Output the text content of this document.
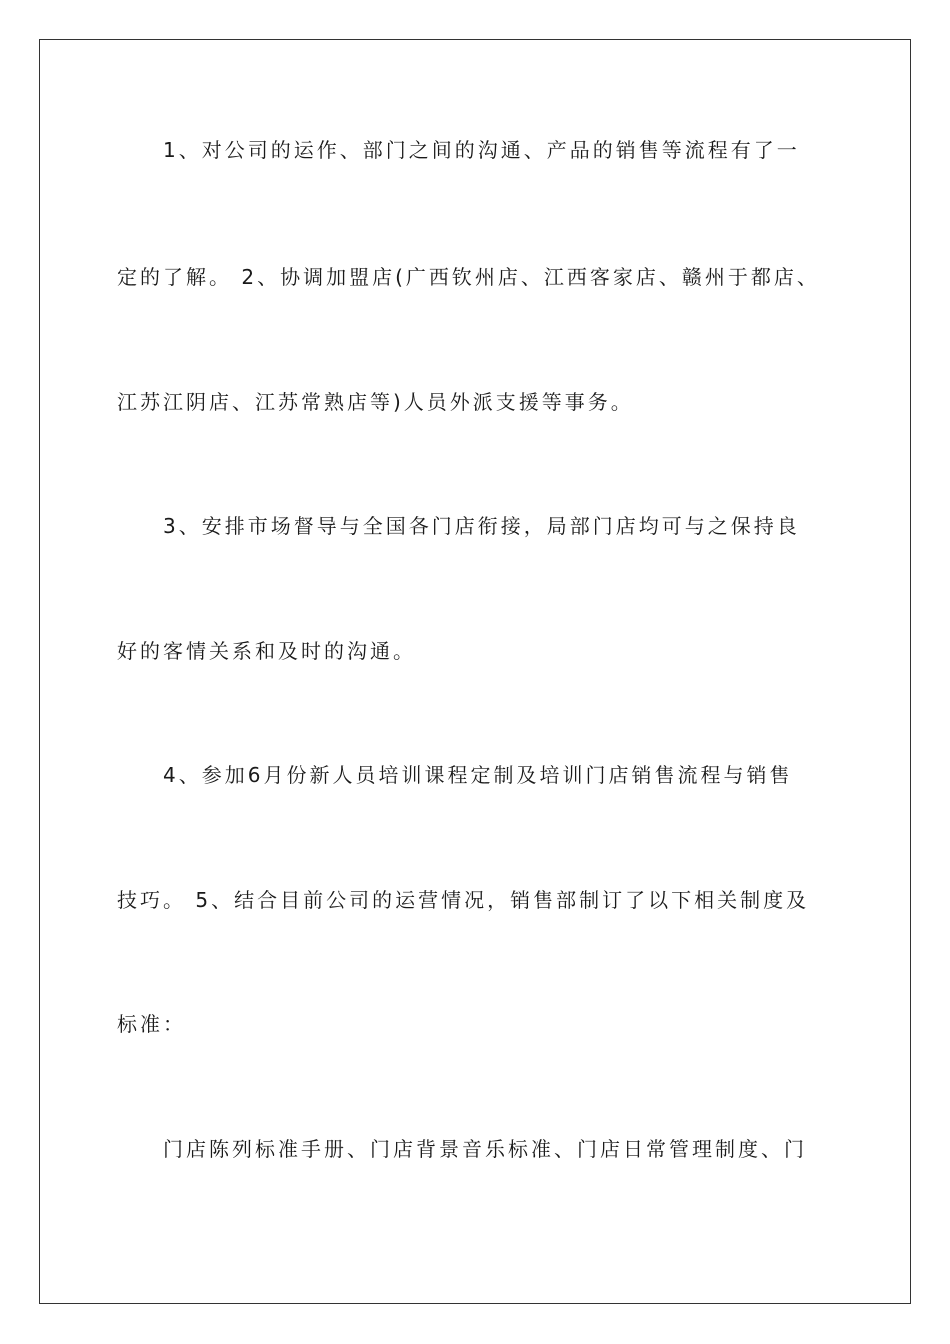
1、对公司的运作、部门之间的沟通、产品的销售等流程有了一

定的了解。 2、协调加盟店(广西钦州店、江西客家店、赣州于都店、

江苏江阴店、江苏常熟店等)人员外派支援等事务。

3、安排市场督导与全国各门店衔接，局部门店均可与之保持良

好的客情关系和及时的沟通。

4、参加6月份新人员培训课程定制及培训门店销售流程与销售

技巧。 5、结合目前公司的运营情况，销售部制订了以下相关制度及

标准：

门店陈列标准手册、门店背景音乐标准、门店日常管理制度、门
